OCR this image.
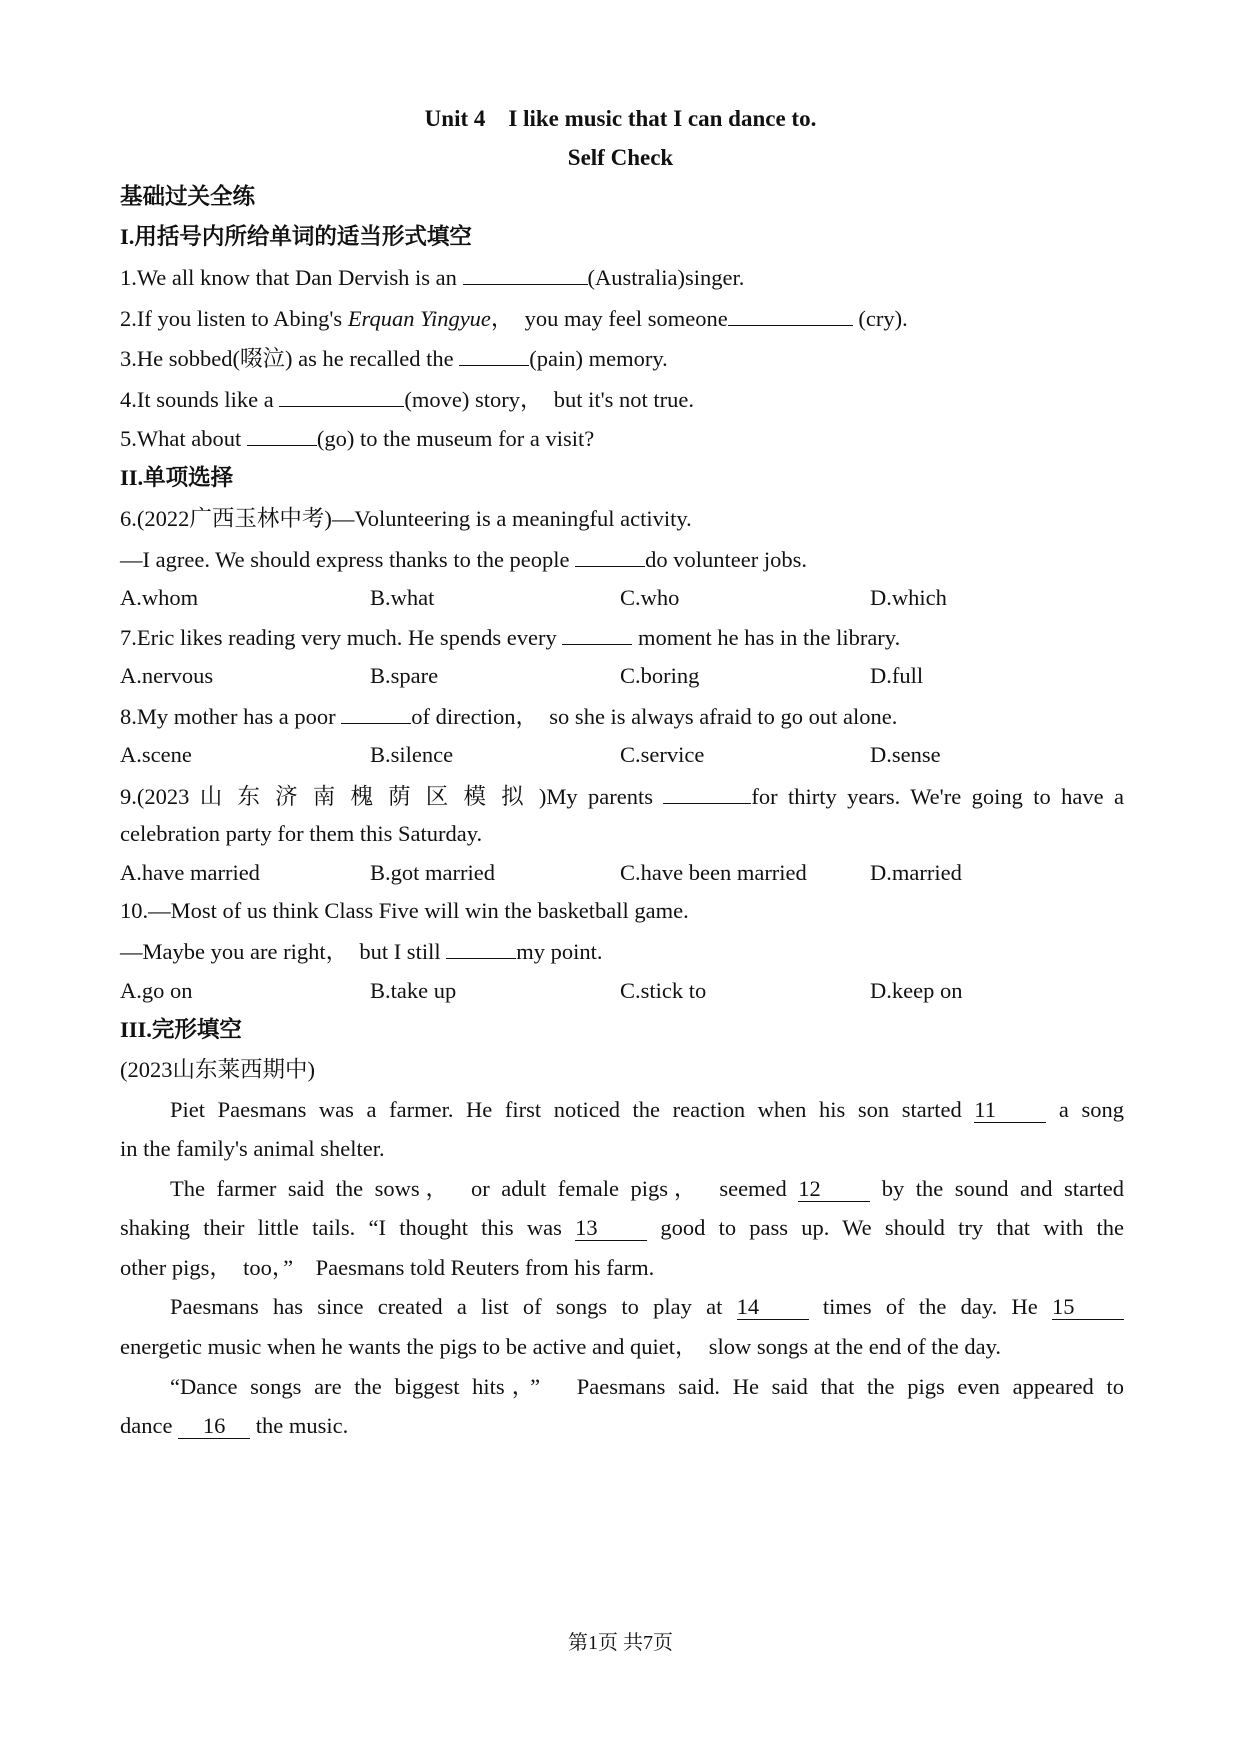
Unit 4　I like music that I can dance to.
Self Check
基础过关全练
I.用括号内所给单词的适当形式填空
1.We all know that Dan Dervish is an	(Australia)singer.
2.If you listen to Abing's Erquan Yingyue，　you may feel someone	(cry).
3.He sobbed(啜泣) as he recalled the	(pain) memory.
4.It sounds like a	(move) story，　but it's not true.
5.What about	(go) to the museum for a visit?
II.单项选择
6.(2022广西玉林中考)—Volunteering is a meaningful activity.
—I agree. We should express thanks to the people	do volunteer jobs.
A.whom	B.what	C.who	D.which
7.Eric likes reading very much. He spends every	moment he has in the library.
A.nervous	B.spare	C.boring	D.full
8.My mother has a poor	of direction，　so she is always afraid to go out alone.
A.scene	B.silence	C.service	D.sense
9.(2023 山 东 济 南 槐 荫 区 模 拟 )My parents	for thirty years. We're going to have a
celebration party for them this Saturday.
A.have married	B.got married	C.have been married	D.married
10.—Most of us think Class Five will win the basketball game.
—Maybe you are right，　but I still	my point.
A.go on	B.take up	C.stick to	D.keep on
III.完形填空
(2023山东莱西期中)
Piet Paesmans was a farmer. He first noticed the reaction when his son started 11 a song
in the family's animal shelter.
The farmer said the sows，　or adult female pigs，　seemed 12 by the sound and started
shaking their little tails. “I thought this was 13 good to pass up. We should try that with the
other pigs，　too，”　Paesmans told Reuters from his farm.
Paesmans has since created a list of songs to play at 14 times of the day. He 15
energetic music when he wants the pigs to be active and quiet，　slow songs at the end of the day.
“Dance songs are the biggest hits，”　Paesmans said. He said that the pigs even appeared to
dance 16 the music.
第1页 共7页
